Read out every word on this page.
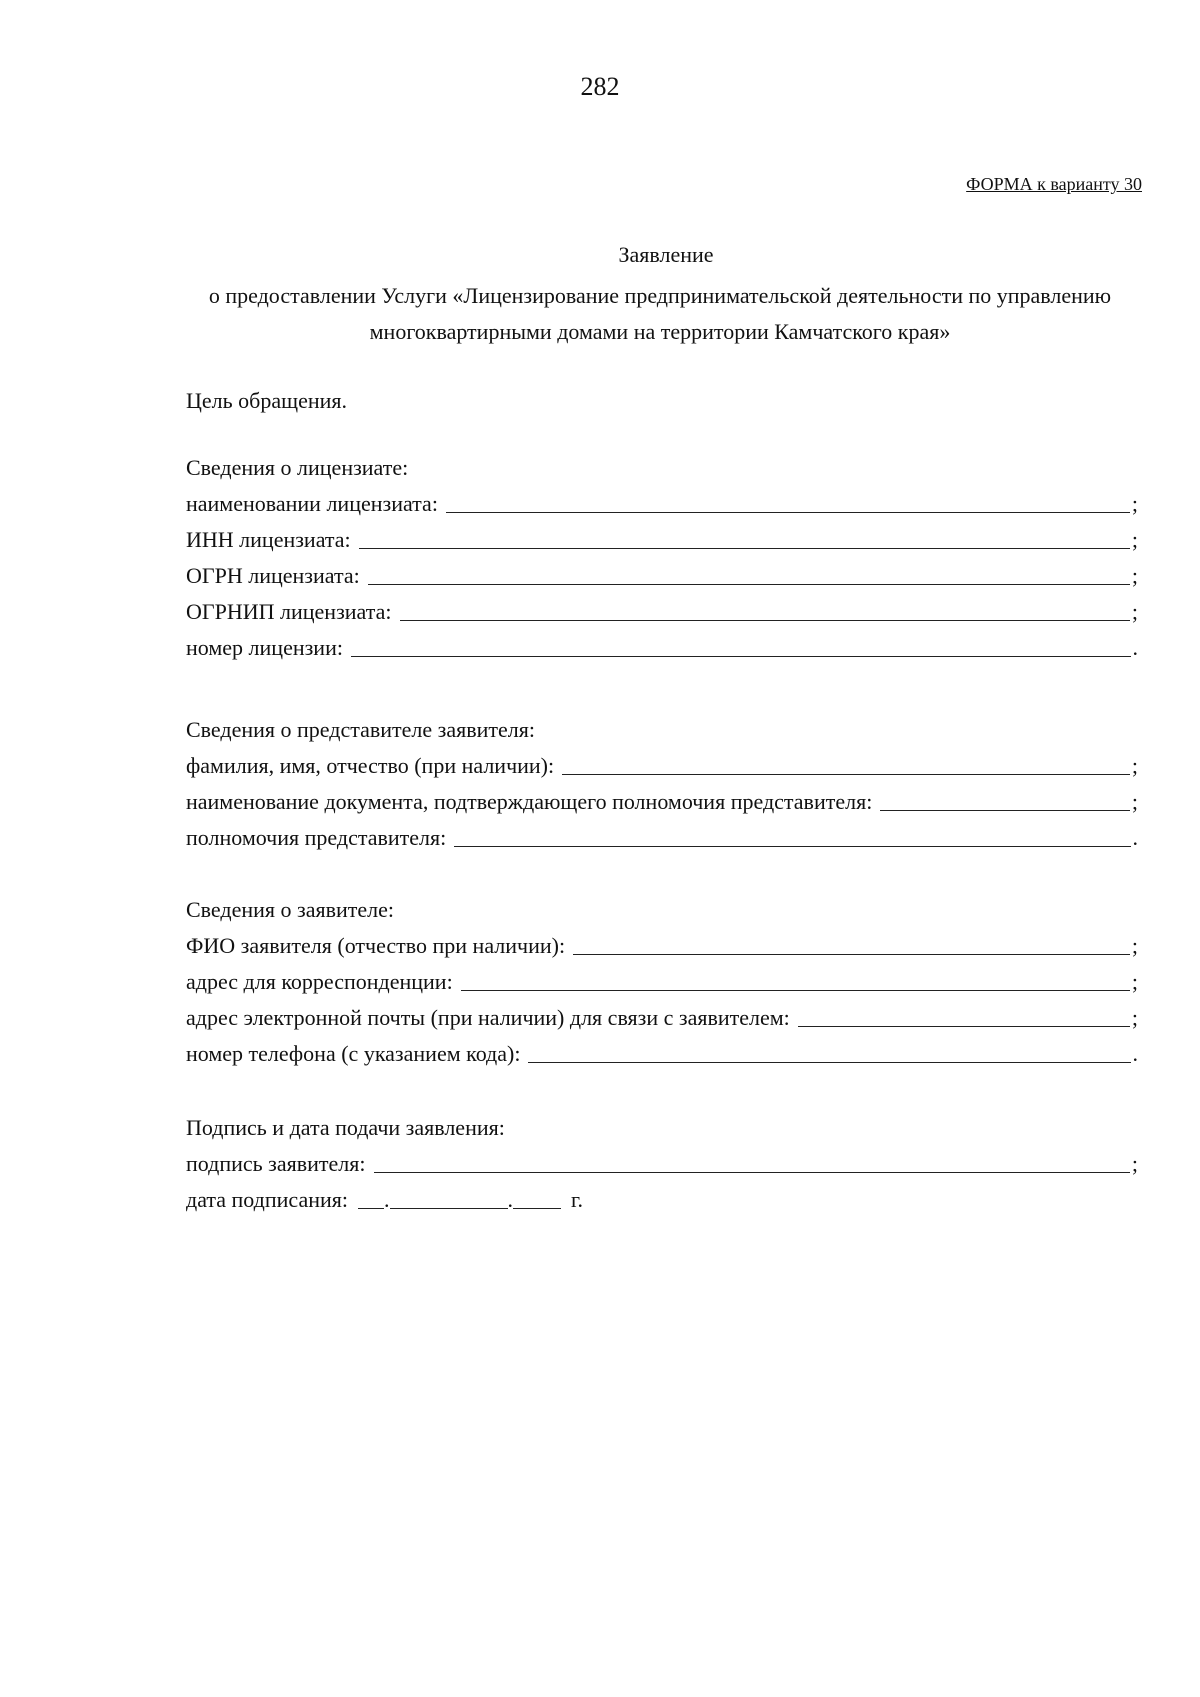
282
ФОРМА к варианту 30
Заявление
о предоставлении Услуги «Лицензирование предпринимательской деятельности по управлению многоквартирными домами на территории Камчатского края»
Цель обращения.
Сведения о лицензиате:
наименовании лицензиата:	;
ИНН лицензиата:	;
ОГРН лицензиата:	;
ОГРНИП лицензиата:	;
номер лицензии:	.
Сведения о представителе заявителя:
фамилия, имя, отчество (при наличии):	;
наименование документа, подтверждающего полномочия представителя:	;
полномочия представителя:	.
Сведения о заявителе:
ФИО заявителя (отчество при наличии):	;
адрес для корреспонденции:	;
адрес электронной почты (при наличии) для связи с заявителем:	;
номер телефона (с указанием кода):	.
Подпись и дата подачи заявления:
подпись заявителя:	;
дата подписания: .	.	г.
